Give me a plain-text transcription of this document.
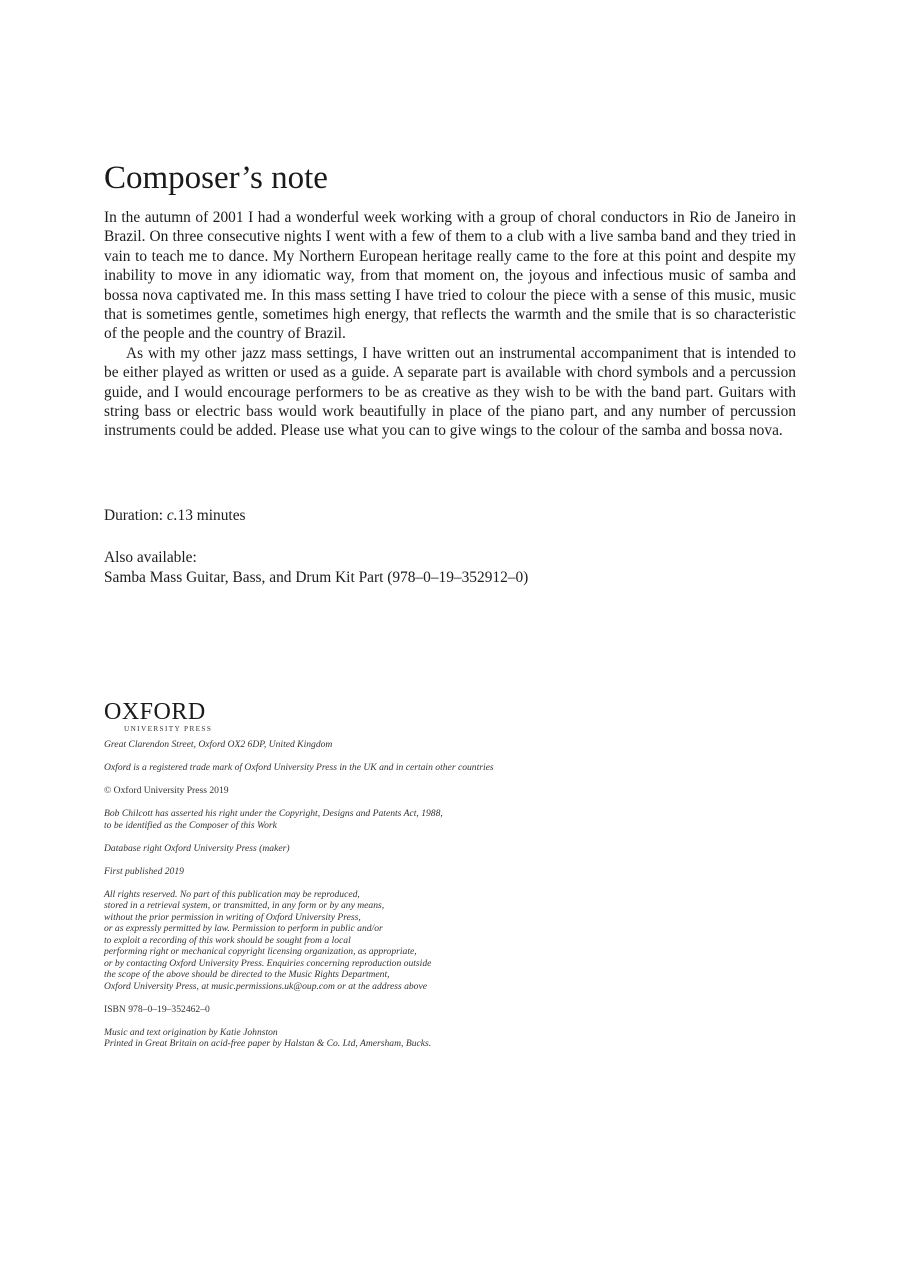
Composer’s note

In the autumn of 2001 I had a wonderful week working with a group of choral conductors in Rio de Janeiro in Brazil. On three consecutive nights I went with a few of them to a club with a live samba band and they tried in vain to teach me to dance. My Northern European heritage really came to the fore at this point and despite my inability to move in any idiomatic way, from that moment on, the joyous and infectious music of samba and bossa nova captivated me. In this mass setting I have tried to colour the piece with a sense of this music, music that is sometimes gentle, sometimes high energy, that reflects the warmth and the smile that is so characteristic of the people and the country of Brazil.

As with my other jazz mass settings, I have written out an instrumental accompaniment that is intended to be either played as written or used as a guide. A separate part is available with chord symbols and a percussion guide, and I would encourage performers to be as creative as they wish to be with the band part. Guitars with string bass or electric bass would work beautifully in place of the piano part, and any number of percussion instruments could be added. Please use what you can to give wings to the colour of the samba and bossa nova.

Duration: c.13 minutes
Also available:
Samba Mass Guitar, Bass, and Drum Kit Part (978–0–19–352912–0)
OXFORD
UNIVERSITY PRESS
Great Clarendon Street, Oxford OX2 6DP, United Kingdom
Oxford is a registered trade mark of Oxford University Press in the UK and in certain other countries
© Oxford University Press 2019
Bob Chilcott has asserted his right under the Copyright, Designs and Patents Act, 1988,
to be identified as the Composer of this Work
Database right Oxford University Press (maker)
First published 2019
All rights reserved. No part of this publication may be reproduced,
stored in a retrieval system, or transmitted, in any form or by any means,
without the prior permission in writing of Oxford University Press,
or as expressly permitted by law. Permission to perform in public and/or
to exploit a recording of this work should be sought from a local
performing right or mechanical copyright licensing organization, as appropriate,
or by contacting Oxford University Press. Enquiries concerning reproduction outside
the scope of the above should be directed to the Music Rights Department,
Oxford University Press, at music.permissions.uk@oup.com or at the address above
ISBN 978–0–19–352462–0
Music and text origination by Katie Johnston
Printed in Great Britain on acid-free paper by Halstan & Co. Ltd, Amersham, Bucks.
